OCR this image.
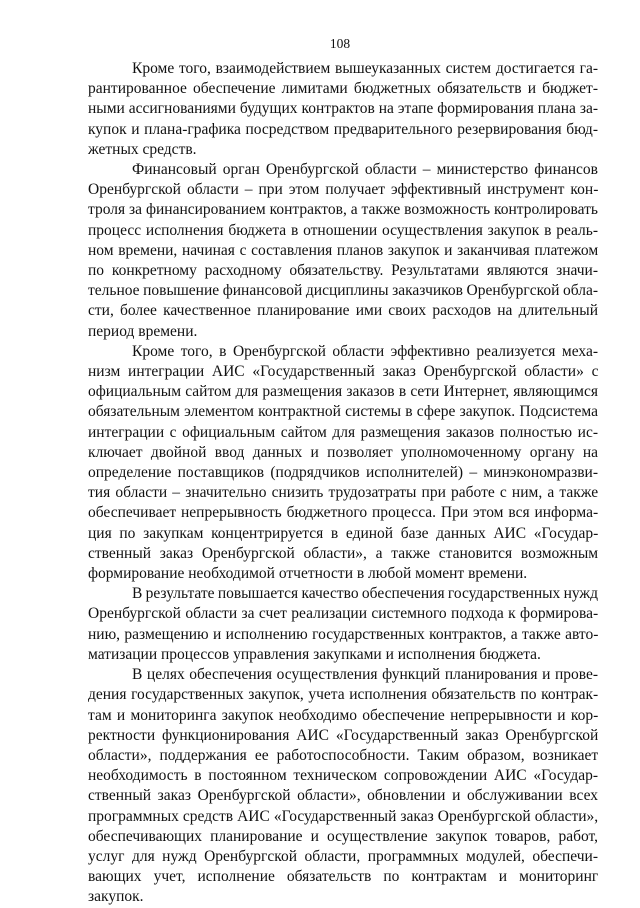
108
Кроме того, взаимодействием вышеуказанных систем достигается га-
рантированное обеспечение лимитами бюджетных обязательств и бюджет-
ными ассигнованиями будущих контрактов на этапе формирования плана за-
купок и плана-графика посредством предварительного резервирования бюд-
жетных средств.
Финансовый орган Оренбургской области – министерство финансов
Оренбургской области – при этом получает эффективный инструмент кон-
троля за финансированием контрактов, а также возможность контролировать
процесс исполнения бюджета в отношении осуществления закупок в реаль-
ном времени, начиная с составления планов закупок и заканчивая платежом
по конкретному расходному обязательству. Результатами являются значи-
тельное повышение финансовой дисциплины заказчиков Оренбургской обла-
сти, более качественное планирование ими своих расходов на длительный
период времени.
Кроме того, в Оренбургской области эффективно реализуется меха-
низм интеграции АИС «Государственный заказ Оренбургской области» с
официальным сайтом для размещения заказов в сети Интернет, являющимся
обязательным элементом контрактной системы в сфере закупок. Подсистема
интеграции с официальным сайтом для размещения заказов полностью ис-
ключает двойной ввод данных и позволяет уполномоченному органу на
определение поставщиков (подрядчиков исполнителей) – минэкономразви-
тия области – значительно снизить трудозатраты при работе с ним, а также
обеспечивает непрерывность бюджетного процесса. При этом вся информа-
ция по закупкам концентрируется в единой базе данных АИС «Государ-
ственный заказ Оренбургской области», а также становится возможным
формирование необходимой отчетности в любой момент времени.
В результате повышается качество обеспечения государственных нужд
Оренбургской области за счет реализации системного подхода к формирова-
нию, размещению и исполнению государственных контрактов, а также авто-
матизации процессов управления закупками и исполнения бюджета.
В целях обеспечения осуществления функций планирования и прове-
дения государственных закупок, учета исполнения обязательств по контрак-
там и мониторинга закупок необходимо обеспечение непрерывности и кор-
ректности функционирования АИС «Государственный заказ Оренбургской
области», поддержания ее работоспособности. Таким образом, возникает
необходимость в постоянном техническом сопровождении АИС «Государ-
ственный заказ Оренбургской области», обновлении и обслуживании всех
программных средств АИС «Государственный заказ Оренбургской области»,
обеспечивающих планирование и осуществление закупок товаров, работ,
услуг для нужд Оренбургской области, программных модулей, обеспечи-
вающих учет, исполнение обязательств по контрактам и мониторинг
закупок.
